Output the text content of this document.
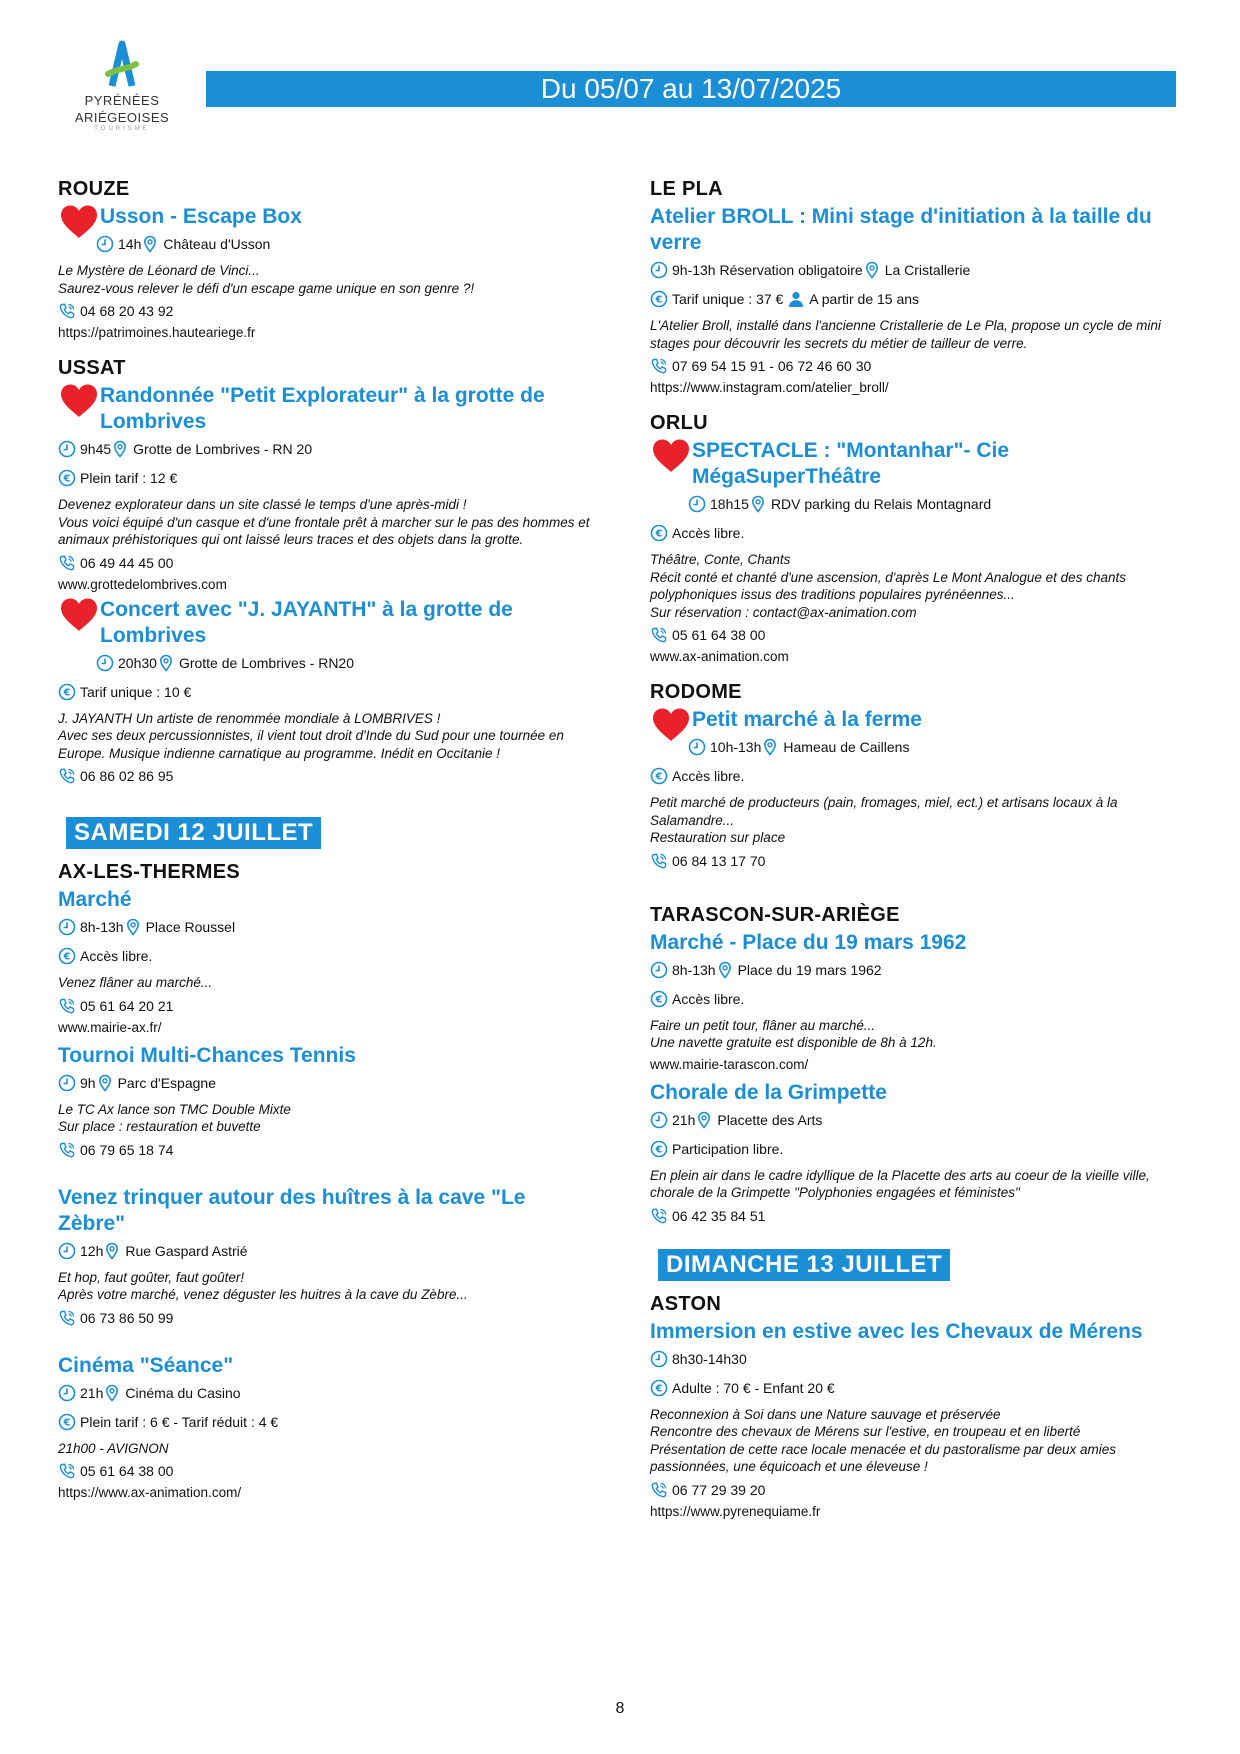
PYRÉNÉES
ARIÉGEOISES
TOURISME
Du 05/07 au 13/07/2025
ROUZE
Usson - Escape Box
14h Château d'Usson
Le Mystère de Léonard de Vinci...
Saurez-vous relever le défi d'un escape game unique en son genre ?!
04 68 20 43 92
https://patrimoines.hauteariege.fr
USSAT
Randonnée "Petit Explorateur" à la grotte de Lombrives
9h45 Grotte de Lombrives - RN 20
Plein tarif : 12 €
Devenez explorateur dans un site classé le temps d'une après-midi !
Vous voici équipé d'un casque et d'une frontale prêt à marcher sur le pas des hommes et animaux préhistoriques qui ont laissé leurs traces et des objets dans la grotte.
06 49 44 45 00
www.grottedelombrives.com
Concert avec "J. JAYANTH" à la grotte de Lombrives
20h30 Grotte de Lombrives - RN20
Tarif unique : 10 €
J. JAYANTH Un artiste de renommée mondiale à LOMBRIVES !
Avec ses deux percussionnistes, il vient tout droit d'Inde du Sud pour une tournée en Europe. Musique indienne carnatique au programme. Inédit en Occitanie !
06 86 02 86 95
SAMEDI 12 JUILLET
AX-LES-THERMES
Marché
8h-13h Place Roussel
Accès libre.
Venez flâner au marché...
05 61 64 20 21
www.mairie-ax.fr/
Tournoi Multi-Chances Tennis
9h Parc d'Espagne
Le TC Ax lance son TMC Double Mixte
Sur place : restauration et buvette
06 79 65 18 74
Venez trinquer autour des huîtres à la cave "Le Zèbre"
12h Rue Gaspard Astrié
Et hop, faut goûter, faut goûter!
Après votre marché, venez déguster les huitres à la cave du Zèbre...
06 73 86 50 99
Cinéma "Séance"
21h Cinéma du Casino
Plein tarif : 6 € - Tarif réduit : 4 €
21h00 - AVIGNON
05 61 64 38 00
https://www.ax-animation.com/
LE PLA
Atelier BROLL : Mini stage d'initiation à la taille du verre
9h-13h Réservation obligatoire La Cristallerie
Tarif unique : 37 € A partir de 15 ans
L'Atelier Broll, installé dans l'ancienne Cristallerie de Le Pla, propose un cycle de mini stages pour découvrir les secrets du métier de tailleur de verre.
07 69 54 15 91 - 06 72 46 60 30
https://www.instagram.com/atelier_broll/
ORLU
SPECTACLE : "Montanhar"- Cie MégaSuperThéâtre
18h15 RDV parking du Relais Montagnard
Accès libre.
Théâtre, Conte, Chants
Récit conté et chanté d'une ascension, d'après Le Mont Analogue et des chants polyphoniques issus des traditions populaires pyrénéennes...
Sur réservation : contact@ax-animation.com
05 61 64 38 00
www.ax-animation.com
RODOME
Petit marché à la ferme
10h-13h Hameau de Caillens
Accès libre.
Petit marché de producteurs (pain, fromages, miel, ect.) et artisans locaux à la Salamandre...
Restauration sur place
06 84 13 17 70
TARASCON-SUR-ARIÈGE
Marché - Place du 19 mars 1962
8h-13h Place du 19 mars 1962
Accès libre.
Faire un petit tour, flâner au marché...
Une navette gratuite est disponible de 8h à 12h.
www.mairie-tarascon.com/
Chorale de la Grimpette
21h Placette des Arts
Participation libre.
En plein air dans le cadre idyllique de la Placette des arts au coeur de la vieille ville, chorale de la Grimpette "Polyphonies engagées et féministes"
06 42 35 84 51
DIMANCHE 13 JUILLET
ASTON
Immersion en estive avec les Chevaux de Mérens
8h30-14h30
Adulte : 70 € - Enfant 20 €
Reconnexion à Soi dans une Nature sauvage et préservée
Rencontre des chevaux de Mérens sur l'estive, en troupeau et en liberté
Présentation de cette race locale menacée et du pastoralisme par deux amies passionnées, une équicoach et une éleveuse !
06 77 29 39 20
https://www.pyrenequiame.fr
8
